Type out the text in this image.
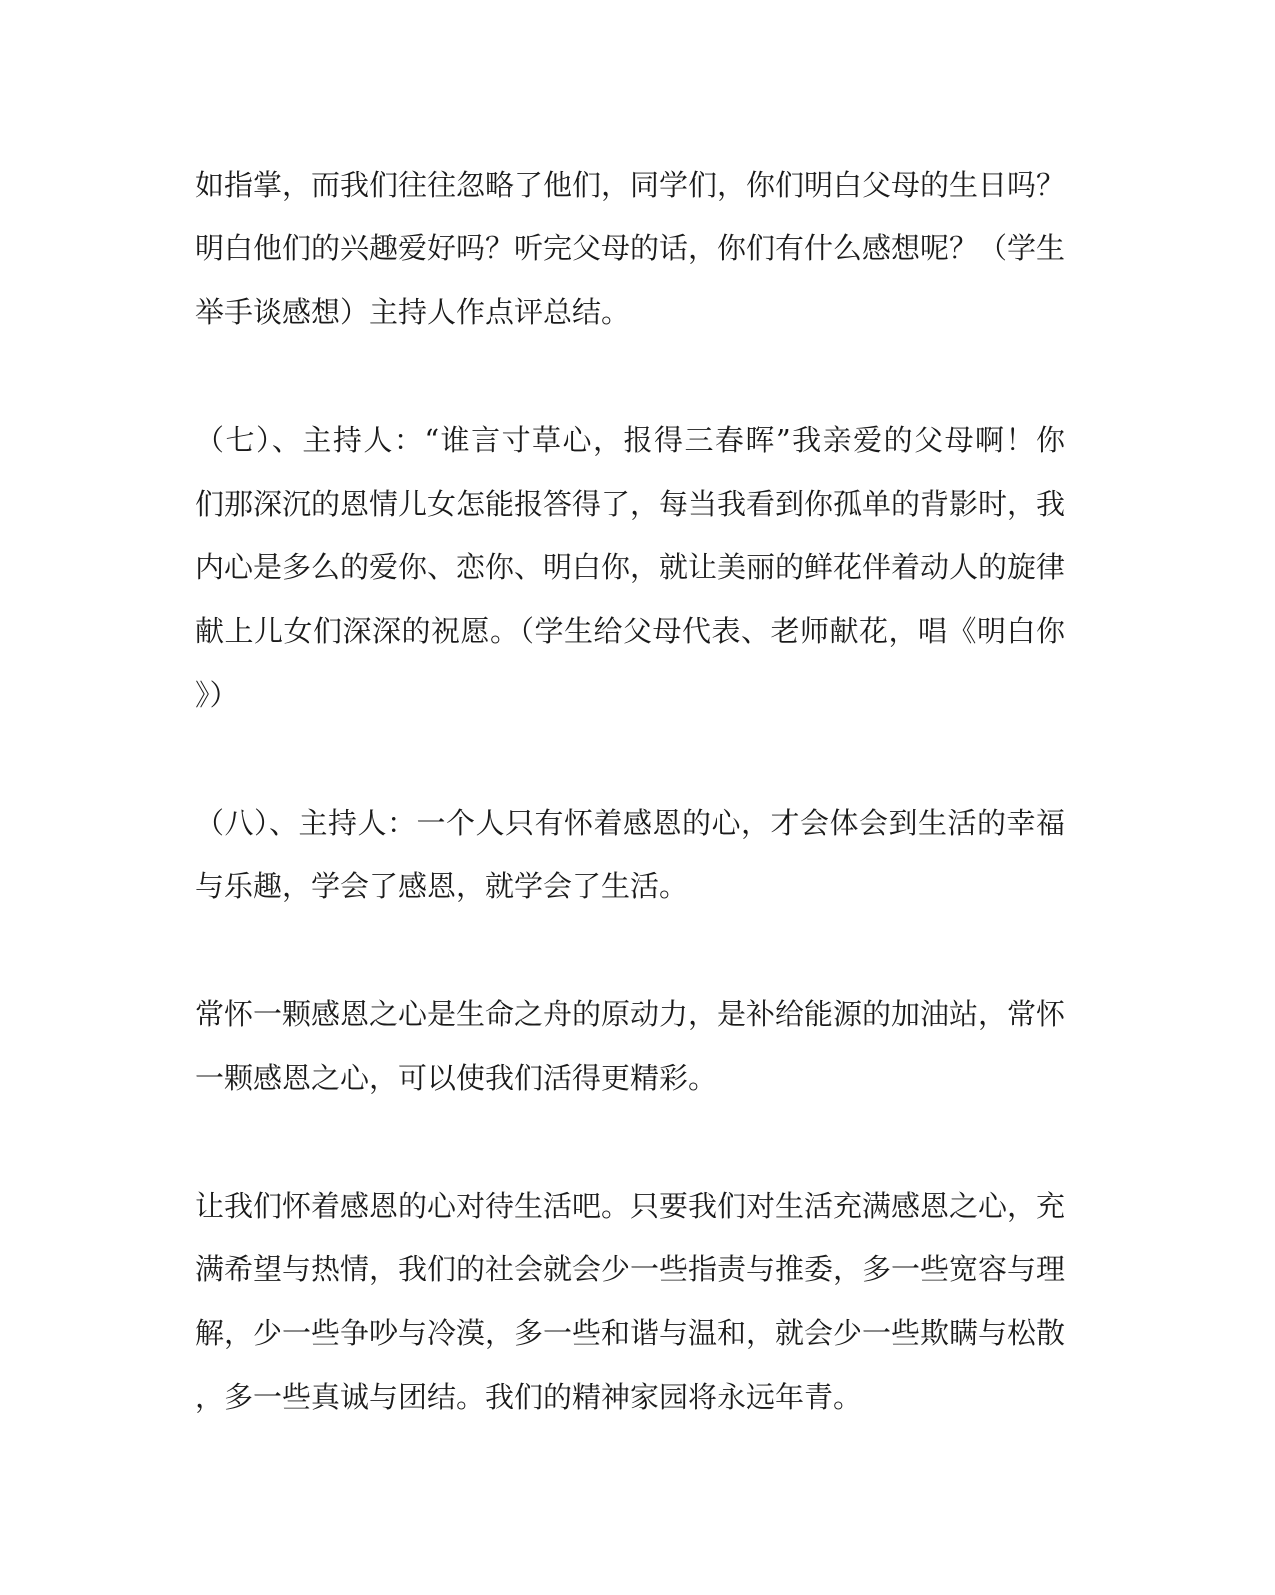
如指掌，而我们往往忽略了他们，同学们，你们明白父母的生日吗？
明白他们的兴趣爱好吗？听完父母的话，你们有什么感想呢？（学生
举手谈感想）主持人作点评总结。
（七）、主持人：“谁言寸草心，报得三春晖”我亲爱的父母啊！你
们那深沉的恩情儿女怎能报答得了，每当我看到你孤单的背影时，我
内心是多么的爱你、恋你、明白你，就让美丽的鲜花伴着动人的旋律
献上儿女们深深的祝愿。（学生给父母代表、老师献花，唱《明白你
》）
（八）、主持人：一个人只有怀着感恩的心，才会体会到生活的幸福
与乐趣，学会了感恩，就学会了生活。
常怀一颗感恩之心是生命之舟的原动力，是补给能源的加油站，常怀
一颗感恩之心，可以使我们活得更精彩。
让我们怀着感恩的心对待生活吧。只要我们对生活充满感恩之心，充
满希望与热情，我们的社会就会少一些指责与推委，多一些宽容与理
解，少一些争吵与冷漠，多一些和谐与温和，就会少一些欺瞒与松散
，多一些真诚与团结。我们的精神家园将永远年青。
